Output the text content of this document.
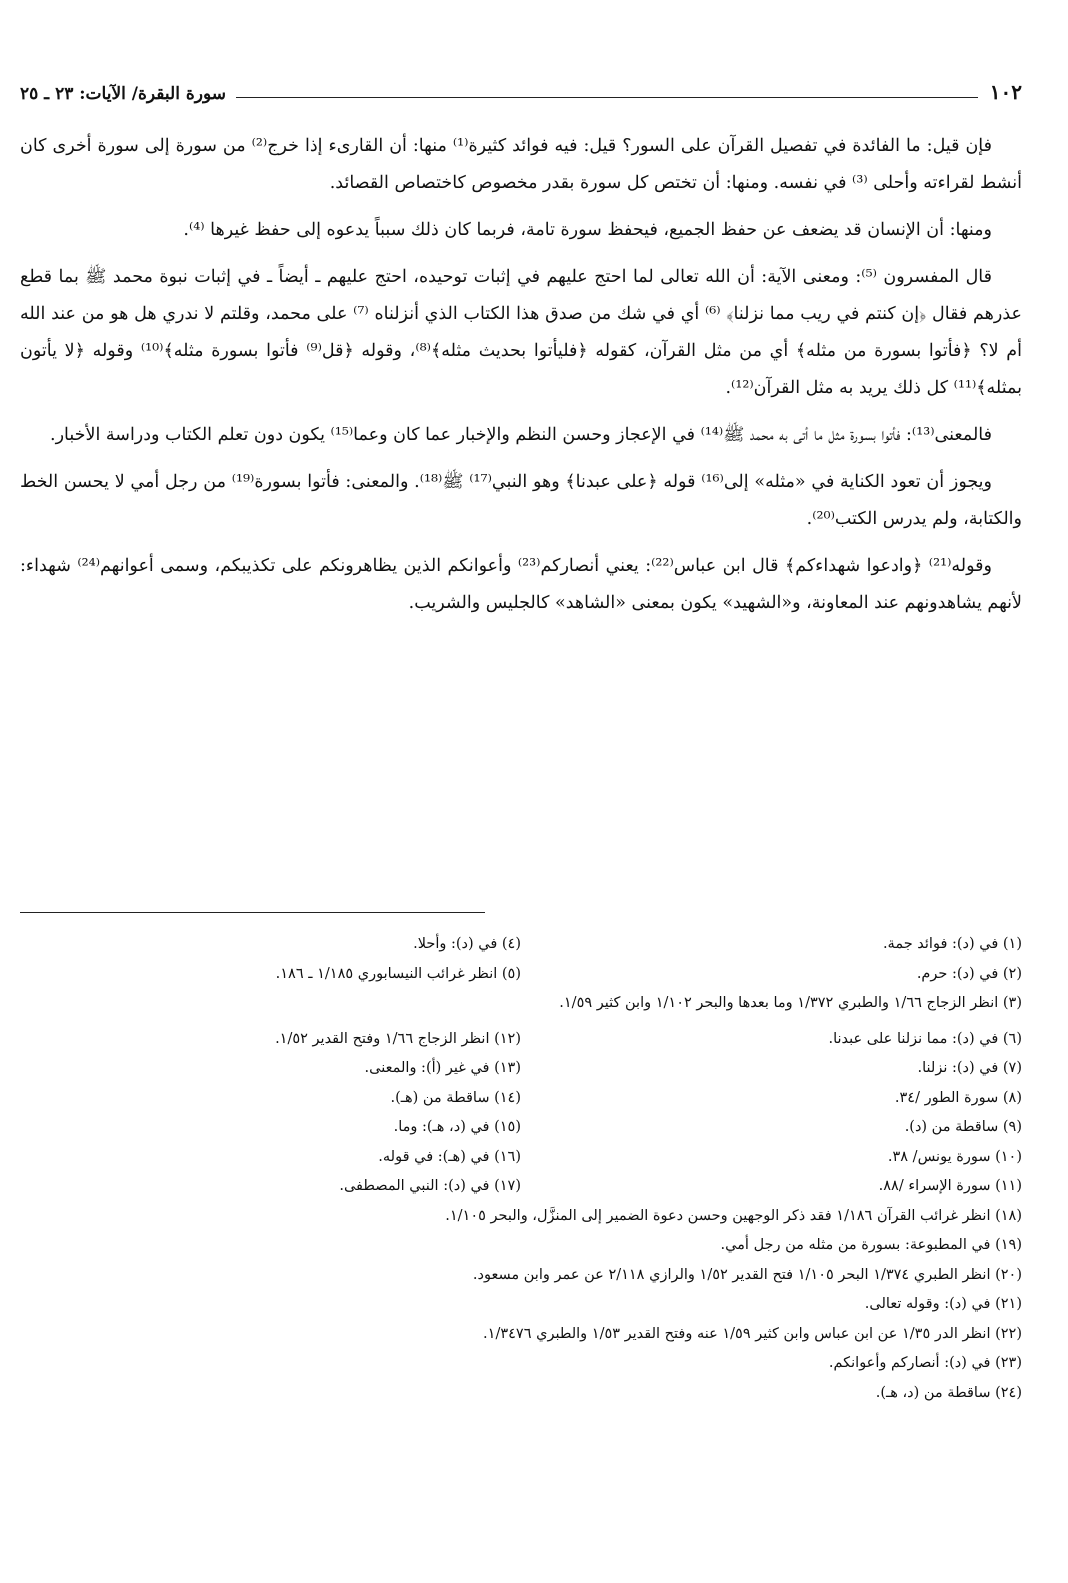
١٠٢
سورة البقرة/ الآيات: ٢٣ ـ ٢٥

فإن قيل: ما الفائدة في تفصيل القرآن على السور؟ قيل: فيه فوائد كثيرة⁽¹⁾ منها: أن القارىء إذا خرج⁽²⁾ من سورة إلى سورة أخرى كان أنشط لقراءته وأحلى ⁽³⁾ في نفسه. ومنها: أن تختص كل سورة بقدر مخصوص كاختصاص القصائد.

ومنها: أن الإنسان قد يضعف عن حفظ الجميع، فيحفظ سورة تامة، فربما كان ذلك سبباً يدعوه إلى حفظ غيرها ⁽⁴⁾.

قال المفسرون ⁽⁵⁾: ومعنى الآية: أن الله تعالى لما احتج عليهم في إثبات توحيده، احتج عليهم ـ أيضاً ـ في إثبات نبوة محمد ﷺ بما قطع عذرهم فقال ﴿إن كنتم في ريب مما نزلنا﴾ ⁽⁶⁾ أي في شك من صدق هذا الكتاب الذي أنزلناه ⁽⁷⁾ على محمد، وقلتم لا ندري هل هو من عند الله أم لا؟ ﴿فأتوا بسورة من مثله﴾ أي من مثل القرآن، كقوله ﴿فليأتوا بحديث مثله﴾⁽⁸⁾، وقوله ﴿قل⁽⁹⁾ فأتوا بسورة مثله﴾⁽¹⁰⁾ وقوله ﴿لا يأتون بمثله﴾⁽¹¹⁾ كل ذلك يريد به مثل القرآن⁽¹²⁾.

فالمعنى⁽¹³⁾: فأتوا بسورة مثل ما أتى به محمد ﷺ⁽¹⁴⁾ في الإعجاز وحسن النظم والإخبار عما كان وعما⁽¹⁵⁾ يكون دون تعلم الكتاب ودراسة الأخبار.

ويجوز أن تعود الكناية في «مثله» إلى⁽¹⁶⁾ قوله ﴿على عبدنا﴾ وهو النبي⁽¹⁷⁾ ﷺ⁽¹⁸⁾. والمعنى: فأتوا بسورة⁽¹⁹⁾ من رجل أمي لا يحسن الخط والكتابة، ولم يدرس الكتب⁽²⁰⁾.

وقوله⁽²¹⁾ ﴿وادعوا شهداءكم﴾ قال ابن عباس⁽²²⁾: يعني أنصاركم⁽²³⁾ وأعوانكم الذين يظاهرونكم على تكذيبكم، وسمى أعوانهم⁽²⁴⁾ شهداء: لأنهم يشاهدونهم عند المعاونة، و«الشهيد» يكون بمعنى «الشاهد» كالجليس والشريب.

(١) في (د): فوائد جمة.
(٤) في (د): وأحلا.
(٢) في (د): حرم.
(٥) انظر غرائب النيسابوري ١/١٨٥ ـ ١٨٦.
(٣) انظر الزجاج ١/٦٦ والطبري ١/٣٧٢ وما بعدها والبحر ١/١٠٢ وابن كثير ١/٥٩.
(٦) في (د): مما نزلنا على عبدنا.
(١٢) انظر الزجاج ١/٦٦ وفتح القدير ١/٥٢.
(٧) في (د): نزلنا.
(١٣) في غير (أ): والمعنى.
(٨) سورة الطور /٣٤.
(١٤) ساقطة من (هـ).
(٩) ساقطة من (د).
(١٥) في (د، هـ): وما.
(١٠) سورة يونس/ ٣٨.
(١٦) في (هـ): في قوله.
(١١) سورة الإسراء /٨٨.
(١٧) في (د): النبي المصطفى.
(١٨) انظر غرائب القرآن ١/١٨٦ فقد ذكر الوجهين وحسن دعوة الضمير إلى المنزَّل، والبحر ١/١٠٥.
(١٩) في المطبوعة: بسورة من مثله من رجل أمي.
(٢٠) انظر الطبري ١/٣٧٤ البحر ١/١٠٥ فتح القدير ١/٥٢ والرازي ٢/١١٨ عن عمر وابن مسعود.
(٢١) في (د): وقوله تعالى.
(٢٢) انظر الدر ١/٣٥ عن ابن عباس وابن كثير ١/٥٩ عنه وفتح القدير ١/٥٣ والطبري ١/٣٤٧٦.
(٢٣) في (د): أنصاركم وأعوانكم.
(٢٤) ساقطة من (د، هـ).
